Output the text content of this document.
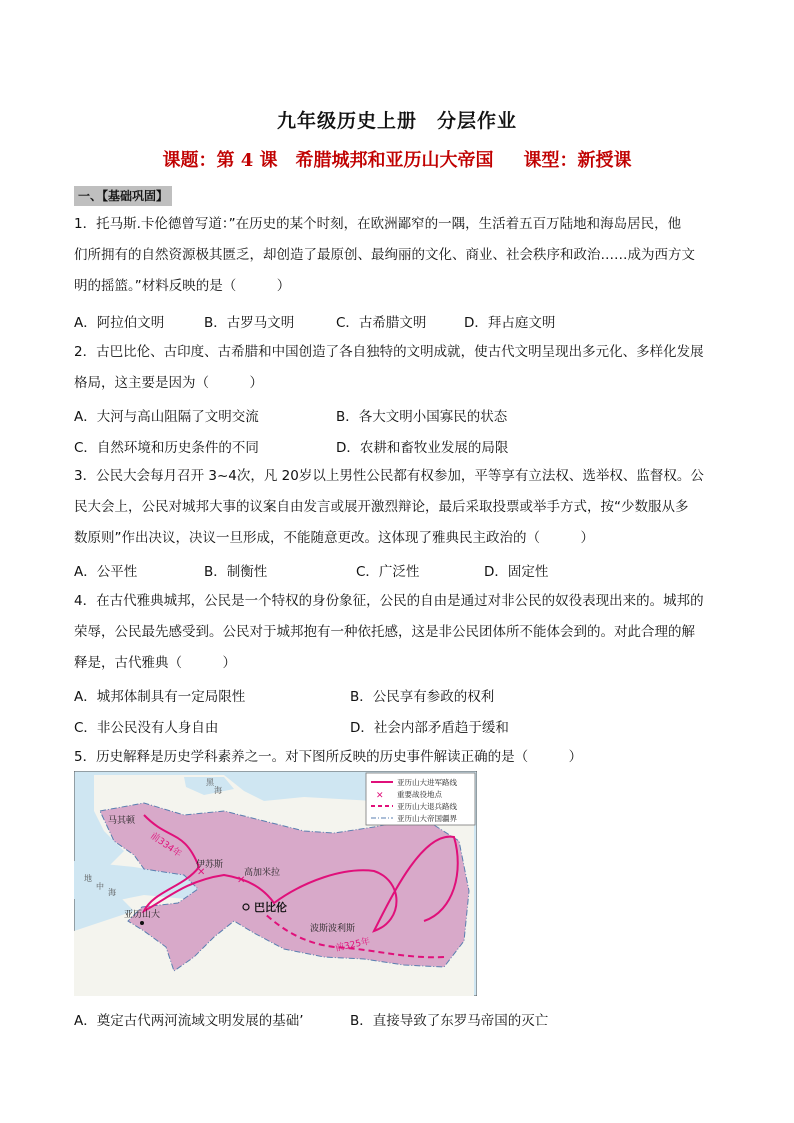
九年级历史上册　分层作业
课题：第 4 课　希腊城邦和亚历山大帝国 课型：新授课
一、【基础巩固】
1．托马斯.卡伦德曾写道：”在历史的某个时刻，在欧洲鄙窄的一隅，生活着五百万陆地和海岛居民，他
们所拥有的自然资源极其匮乏，却创造了最原创、最绚丽的文化、商业、社会秩序和政治……成为西方文
明的摇篮。”材料反映的是（　　　）
A．阿拉伯文明	B．古罗马文明	C．古希腊文明	D．拜占庭文明
2．古巴比伦、古印度、古希腊和中国创造了各自独特的文明成就，使古代文明呈现出多元化、多样化发展
格局，这主要是因为（　　　）
A．大河与高山阻隔了文明交流	B．各大文明小国寡民的状态
C．自然环境和历史条件的不同	D．农耕和畜牧业发展的局限
3．公民大会每月召开 3~4次，凡 20岁以上男性公民都有权参加，平等享有立法权、选举权、监督权。公
民大会上，公民对城邦大事的议案自由发言或展开激烈辩论，最后采取投票或举手方式，按“少数服从多
数原则”作出决议，决议一旦形成，不能随意更改。这体现了雅典民主政治的（　　　）
A．公平性	B．制衡性	C．广泛性	D．固定性
4．在古代雅典城邦，公民是一个特权的身份象征，公民的自由是通过对非公民的奴役表现出来的。城邦的
荣辱，公民最先感受到。公民对于城邦抱有一种依托感，这是非公民团体所不能体会到的。对此合理的解
释是，古代雅典（　　　）
A．城邦体制具有一定局限性	B．公民享有参政的权利
C．非公民没有人身自由	D．社会内部矛盾趋于缓和
5．历史解释是历史学科素养之一。对下图所反映的历史事件解读正确的是（　　　）
✕
✕
马其顿
前334年
伊苏斯
高加米拉
巴比伦
亚历山大
波斯波利斯
前325年
黑
海
地
中
海
亚历山大进军路线
✕ 重要战役地点
亚历山大退兵路线
亚历山大帝国疆界
A．奠定古代两河流域文明发展的基础’	B．直接导致了东罗马帝国的灭亡
